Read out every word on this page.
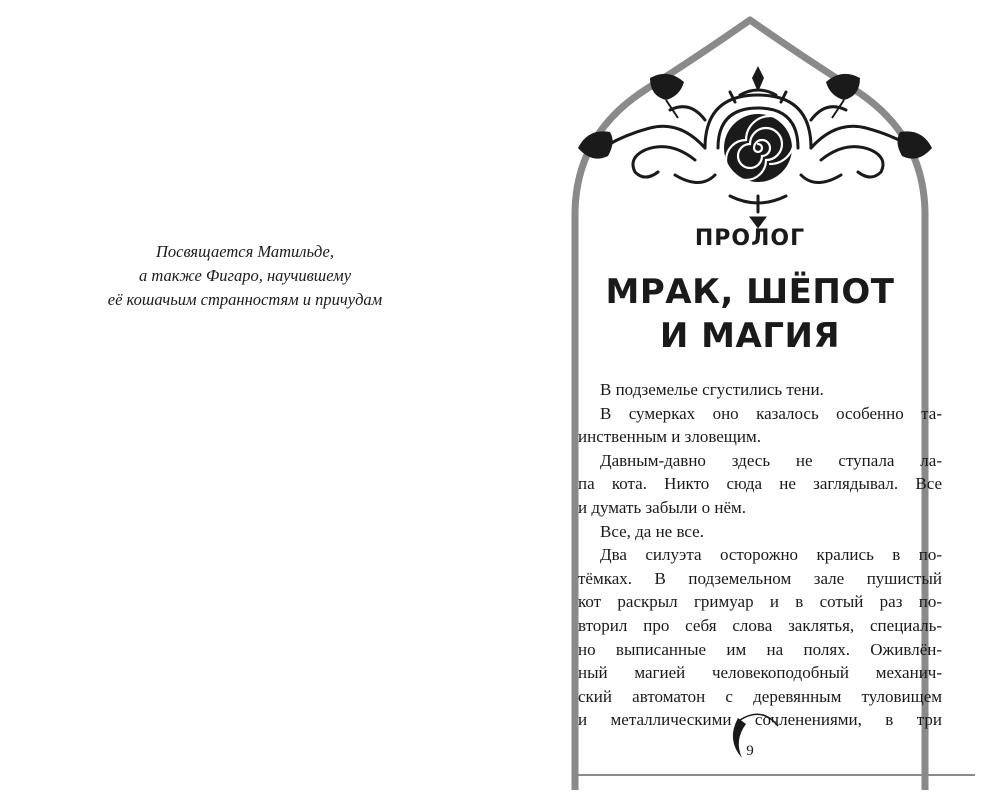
Посвящается Матильде,
а также Фигаро, научившему
её кошачьим странностям и причудам
ПРОЛОГ
МРАК, ШЁПОТ
И МАГИЯ
В подземелье сгустились тени.
В сумерках оно казалось особенно та-
инственным и зловещим.
Давным-давно здесь не ступала ла-
па кота. Никто сюда не заглядывал. Все
и думать забыли о нём.
Все, да не все.
Два силуэта осторожно крались в по-
тёмках. В подземельном зале пушистый
кот раскрыл гримуар и в сотый раз по-
вторил про себя слова заклятья, специаль-
но выписанные им на полях. Оживлён-
ный магией человекоподобный механич-
ский автоматон с деревянным туловищем
и металлическими сочленениями, в три
9
